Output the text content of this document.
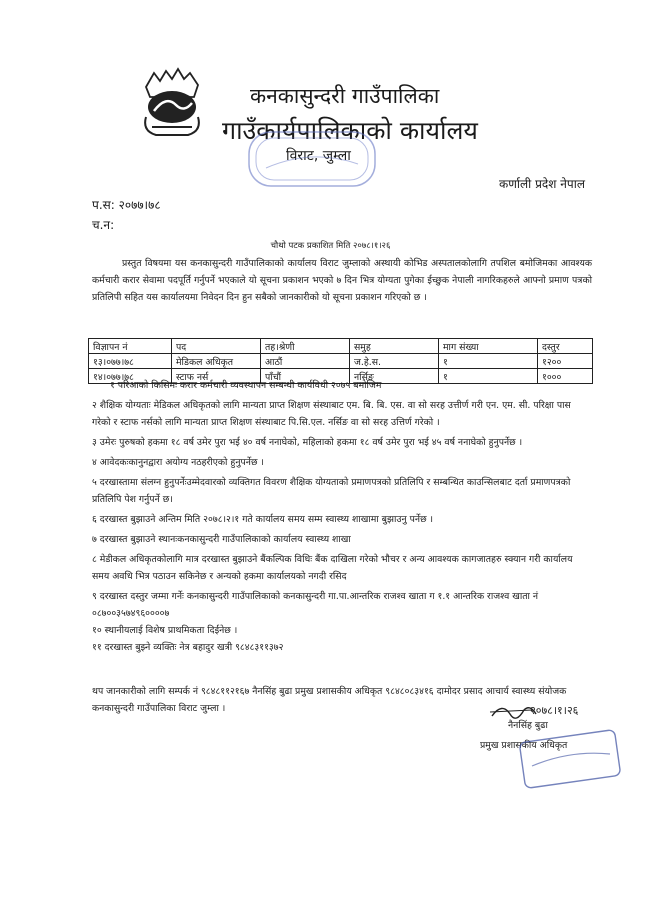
कनकासुन्दरी गाउँपालिका
गाउँकार्यपालिकाको कार्यालय
विराट, जुम्ला
कर्णाली प्रदेश नेपाल
प.स: २०७७।७८
च.न:
चौथो पटक प्रकाशित मिति २०७८।१।२६
प्रस्तुत विषयमा यस कनकासुन्दरी गाउँपालिकाको कार्यालय विराट जुम्लाको अस्थायी कोभिड अस्पतालकोलागि तपशिल बमोजिमका आवश्यक कर्मचारी करार सेवामा पदपूर्ति गर्नुपर्ने भएकाले यो सूचना प्रकाशन भएको ७ दिन भित्र योग्यता पुगेका ईच्छुक नेपाली नागरिकहरुले आफ्नो प्रमाण पत्रको प्रतिलिपी सहित यस कार्यालयमा निवेदन दिन हुन सबैको जानकारीको यो सूचना प्रकाशन गरिएको छ ।
विज्ञापन नं	पद	तह।श्रेणी	समुह	माग संख्या	दस्तुर
१३।०७७।७८	मेडिकल अधिकृत	आठौं	ज.हे.स.	१	१२००
१४।०७७।७८	स्टाफ नर्स	पाँचौं	नर्सिङ	१	१०००
१ परिआको किसिमः करार कर्मचारी व्यवस्थापन सम्बन्धी कार्यविधी २०७५ बमोजिम
२ शैक्षिक योग्यताः मेडिकल अधिकृतको लागि मान्यता प्राप्त शिक्षण संस्थाबाट एम. बि. बि. एस. वा सो सरह उत्तीर्ण गरी एन. एम. सी. परिक्षा पास गरेको र स्टाफ नर्सको लागि मान्यता प्राप्त शिक्षण संस्थाबाट पि.सि.एल. नर्सिङ वा सो सरह उत्तिर्ण गरेको ।
३ उमेरः पुरुषको हकमा १८ वर्ष उमेर पुरा भई ४० वर्ष ननाघेको, महिलाको हकमा १८ वर्ष उमेर पुरा भई ४५ वर्ष ननाघेको हुनुपर्नेछ ।
४ आवेदकःकानुनद्वारा अयोग्य नठहरीएको हुनुपर्नेछ ।
५ दरखास्तामा संलग्न हुनुपर्नेःउम्मेदवारको व्यक्तिगत विवरण शैक्षिक योग्यताको प्रमाणपत्रको प्रतिलिपि र सम्बन्धित काउन्सिलबाट दर्ता प्रमाणपत्रको प्रतिलिपि पेश गर्नुपर्ने छ।
६ दरखास्त बुझाउने अन्तिम मिति २०७८।२।१ गते कार्यालय समय सम्म स्वास्थ्य शाखामा बुझाउनु पर्नेछ ।
७ दरखास्त बुझाउने स्थानःकनकासुन्दरी गाउँपालिकाको कार्यालय स्वास्थ्य शाखा
८ मेडीकल अधिकृतकोलागि मात्र दरखास्त बुझाउने बैंकल्पिक विधिः बैंक दाखिला गरेको भौचर र अन्य आवश्यक कागजातहरु स्क्यान गरी कार्यालय समय अवधि भित्र पठाउन सकिनेछ र अन्यको हकमा कार्यालयको नगदी रसिद
९ दरखास्त दस्तुर जम्मा गर्नेः कनकासुन्दरी गाउँपालिकाको कनकासुन्दरी गा.पा.आन्तरिक राजश्व खाता ग १.१ आन्तरिक राजश्व खाता नं ०८७००३५७४९६००००७
१० स्थानीयलाई विशेष प्राथमिकता दिईनेछ ।
११ दरखास्त बुझ्ने व्यक्तिः नेत्र बहादुर खत्री ९८४८३११३७२
थप जानकारीको लागि सम्पर्क नं ९८४८११२१६७ नैनसिंह बुढा प्रमुख प्रशासकीय अधिकृत ९८४८०८३४१६ दामोदर प्रसाद आचार्य स्वास्थ्य संयोजक कनकासुन्दरी गाउँपालिका विराट जुम्ला ।	२०७८।१।२६
नैनसिंह बुढा
प्रमुख प्रशासकीय अधिकृत
